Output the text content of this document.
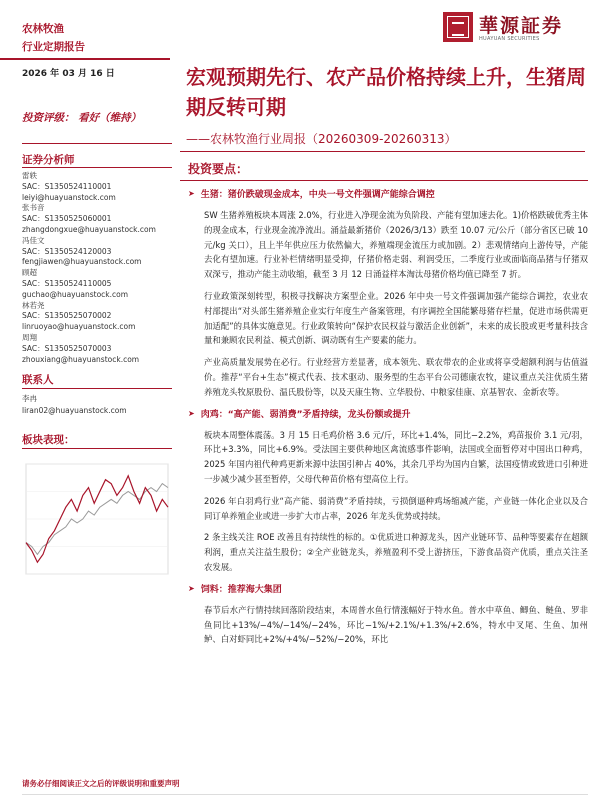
农林牧渔
行业定期报告
華源証券
HUAYUAN SECURITIES
2026 年 03 月 16 日	宏观预期先行、农产品价格持续上升，生猪周期反转可期
——农林牧渔行业周报（20260309-20260313）
投资评级： 看好（维持）
证券分析师
雷轶
SAC：S1350524110001
leiyi@huayuanstock.com
张书音
SAC：S1350525060001
zhangdongxue@huayuanstock.com
冯佳文
SAC：S1350524120003
fengjiawen@huayuanstock.com
顾超
SAC：S1350524110005
guchao@huayuanstock.com
林若尧
SAC：S1350525070002
linruoyao@huayuanstock.com
周翔
SAC：S1350525070003
zhouxiang@huayuanstock.com
联系人
李冉
liran02@huayuanstock.com
板块表现：
投资要点：
➤ 生猪：猪价跌破现金成本，中央一号文件强调产能综合调控

SW 生猪养殖板块本周涨 2.0%，行业进入净现金流为负阶段、产能有望加速去化。1)价格跌破优秀主体的现金成本，行业现金流净流出。涌益最新猪价（2026/3/13）跌至 10.07 元/公斤（部分省区已破 10 元/kg 关口），且上半年供应压力依然偏大，养殖端现金流压力或加剧。2）悲观情绪向上游传导，产能去化有望加速。行业补栏情绪明显受抑，仔猪价格走弱、利润受压，二季度行业或面临商品猪与仔猪双双深亏，推动产能主动收缩，截至 3 月 12 日涌益样本淘汰母猪价格均值已降至 7 折。

行业政策深刻转型，积极寻找解决方案型企业。2026 年中央一号文件强调加强产能综合调控，农业农村部提出“对头部生猪养殖企业实行年度生产备案管理，有序调控全国能繁母猪存栏量，促进市场供需更加适配”的具体实施意见。行业政策转向“保护农民权益与激活企业创新”，未来的成长股或更考量科技含量和兼顾农民利益、模式创新、调动既有生产要素的能力。

产业高质量发展势在必行。行业经营方差显著，成本领先、联农带农的企业或将享受超额利润与估值溢价。推荐“平台+生态”模式代表、技术驱动、服务型的生态平台公司德康农牧，建议重点关注优质生猪养殖龙头牧原股份、温氏股份等，以及天康生物、立华股份、中粮家佳康、京基智农、金新农等。

➤ 肉鸡：“高产能、弱消费”矛盾持续，龙头份额或提升

板块本周整体震荡。3 月 15 日毛鸡价格 3.6 元/斤，环比+1.4%，同比−2.2%，鸡苗报价 3.1 元/羽，环比+3.3%，同比+6.9%。受法国主要供种地区禽流感事件影响，法国或全面暂停对中国出口种鸡，2025 年国内祖代种鸡更新来源中法国引种占 40%，其余几乎均为国内自繁，法国疫情或致进口引种进一步减少减少甚至暂停，父母代种苗价格有望高位上行。

2026 年白羽鸡行业“高产能、弱消费”矛盾持续，亏损倒逼种鸡场缩减产能，产业链一体化企业以及合同订单养殖企业或进一步扩大市占率，2026 年龙头优势或持续。

2 条主线关注 ROE 改善且有持续性的标的。①优质进口种源龙头，因产业链环节、品种等要素存在超额利润，重点关注益生股份；②全产业链龙头，养殖盈利不受上游挤压，下游食品资产优质，重点关注圣农发展。

➤ 饲料：推荐海大集团

春节后水产行情持续回落阶段结束，本周普水鱼行情涨幅好于特水鱼。普水中草鱼、鲫鱼、鲢鱼、罗非鱼同比+13%/−4%/−14%/−24%，环比−1%/+2.1%/+1.3%/+2.6%，特水中叉尾、生鱼、加州鲈、白对虾同比+2%/+4%/−52%/−20%，环比

请务必仔细阅读正文之后的评级说明和重要声明
